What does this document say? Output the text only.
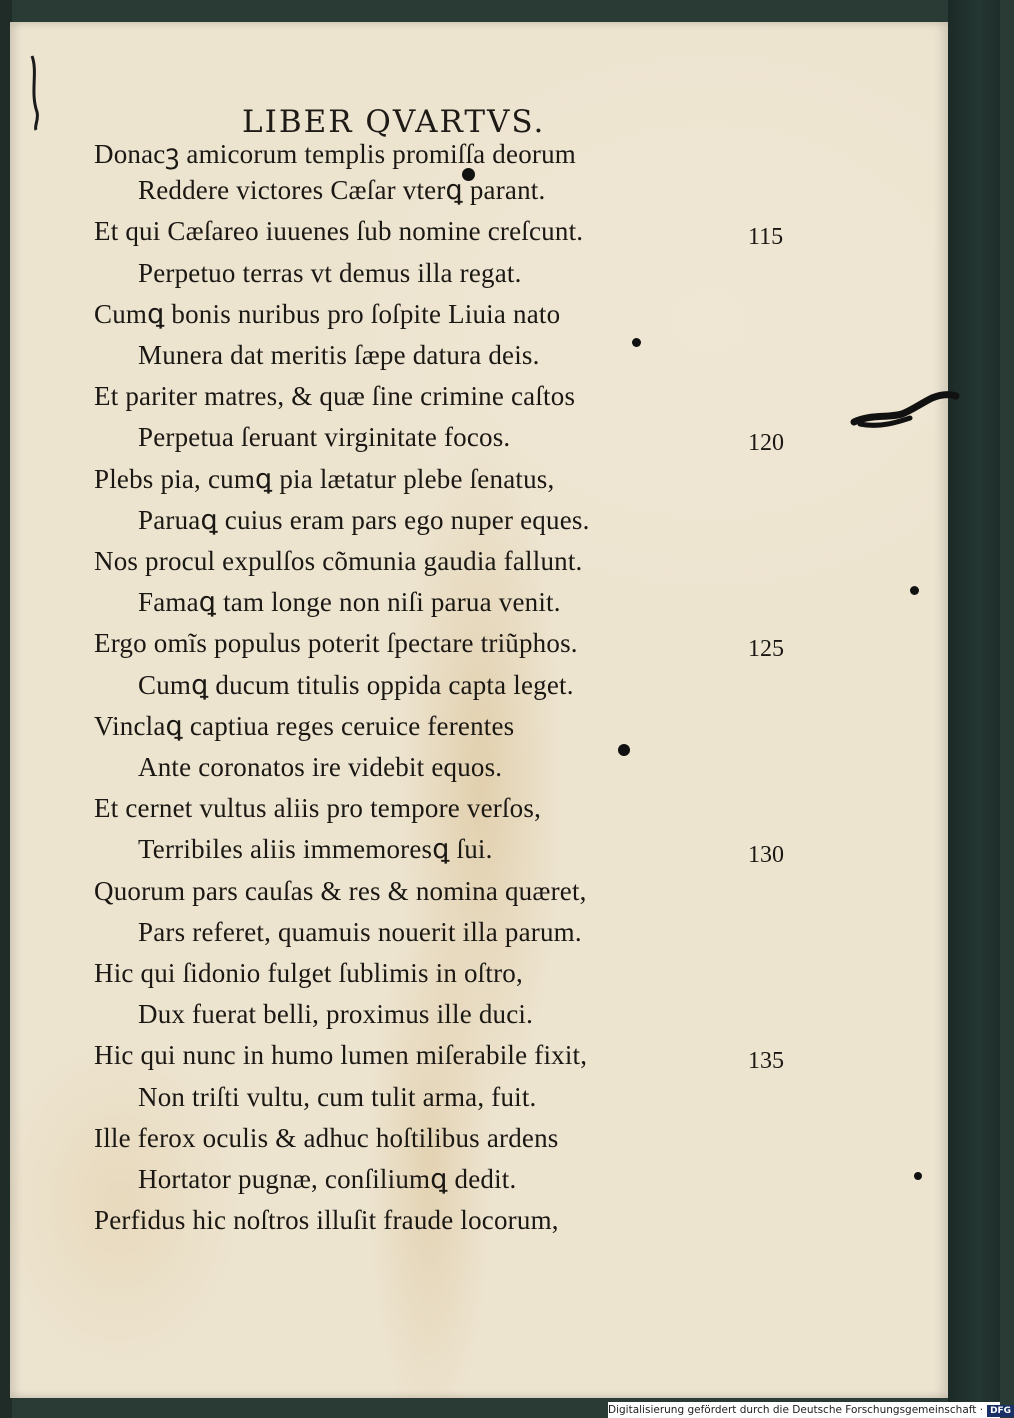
LIBER QVARTVS.
Donacꝫ amicorum templis promiſſa deorum
Reddere victores Cæſar vterꝗ parant.
Et qui Cæſareo iuuenes ſub nomine creſcunt.
Perpetuo terras vt demus illa regat.
Cumꝗ bonis nuribus pro ſoſpite Liuia nato
Munera dat meritis ſæpe datura deis.
Et pariter matres, & quæ ſine crimine caſtos
Perpetua ſeruant virginitate focos.
Plebs pia, cumꝗ pia lætatur plebe ſenatus,
Paruaꝗ cuius eram pars ego nuper eques.
Nos procul expulſos cõmunia gaudia fallunt.
Famaꝗ tam longe non niſi parua venit.
Ergo omĩs populus poterit ſpectare triũphos.
Cumꝗ ducum titulis oppida capta leget.
Vinclaꝗ captiua reges ceruice ferentes
Ante coronatos ire videbit equos.
Et cernet vultus aliis pro tempore verſos,
Terribiles aliis immemoresꝗ ſui.
Quorum pars cauſas & res & nomina quæret,
Pars referet, quamuis nouerit illa parum.
Hic qui ſidonio fulget ſublimis in oſtro,
Dux fuerat belli, proximus ille duci.
Hic qui nunc in humo lumen miſerabile fixit,
Non triſti vultu, cum tulit arma, fuit.
Ille ferox oculis & adhuc hoſtilibus ardens
Hortator pugnæ, conſiliumꝗ dedit.
Perfidus hic noſtros illuſit fraude locorum,
115
120
125
130
135
Digitalisierung gefördert durch die Deutsche Forschungsgemeinschaft · DFG
